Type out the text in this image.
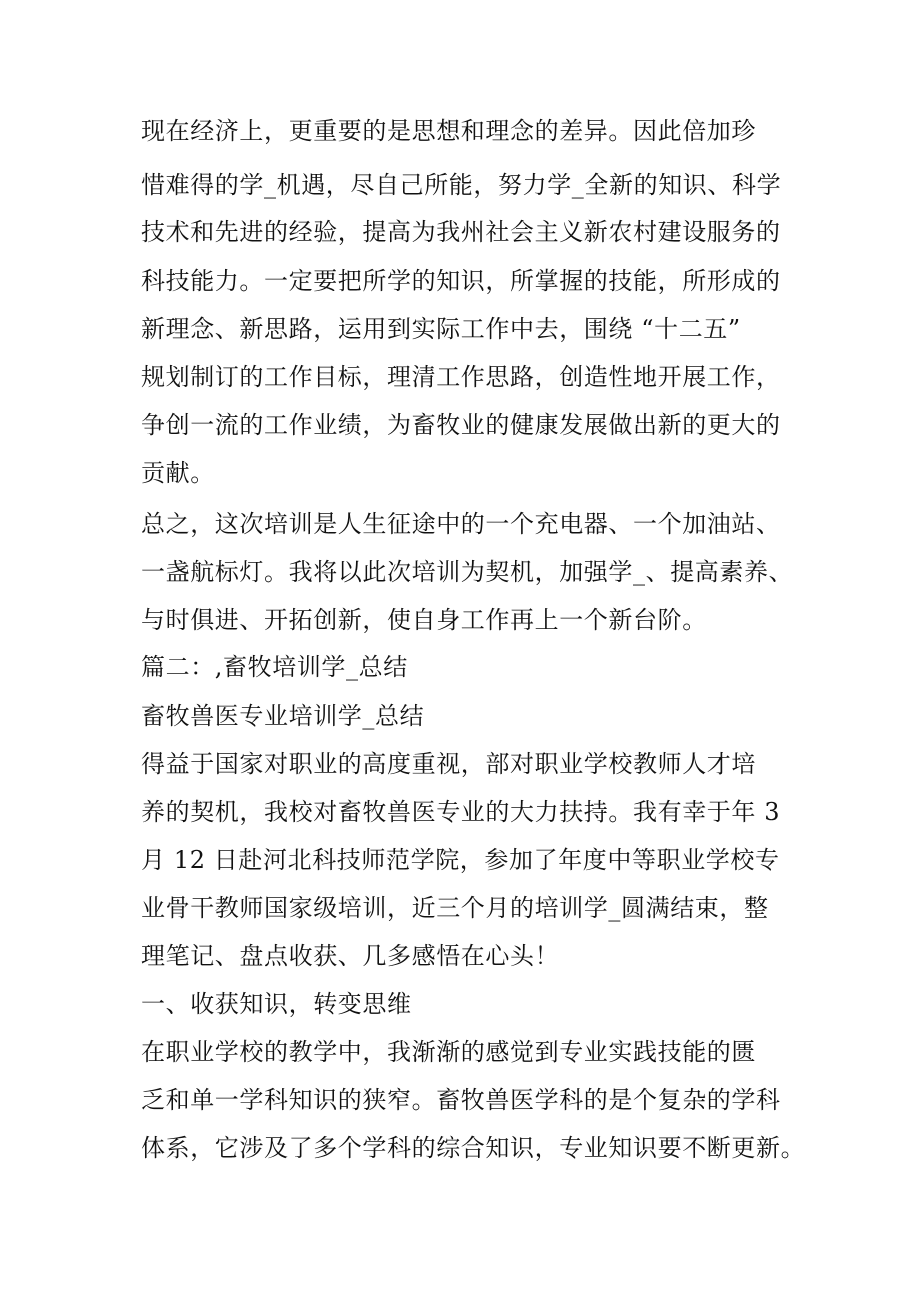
现在经济上，更重要的是思想和理念的差异。因此倍加珍
惜难得的学_机遇，尽自己所能，努力学_全新的知识、科学
技术和先进的经验，提高为我州社会主义新农村建设服务的
科技能力。一定要把所学的知识，所掌握的技能，所形成的
新理念、新思路，运用到实际工作中去，围绕 “十二五”
规划制订的工作目标，理清工作思路，创造性地开展工作，
争创一流的工作业绩，为畜牧业的健康发展做出新的更大的
贡献。
总之，这次培训是人生征途中的一个充电器、一个加油站、
一盏航标灯。我将以此次培训为契机，加强学_、提高素养、
与时俱进、开拓创新，使自身工作再上一个新台阶。
篇二：,畜牧培训学_总结
畜牧兽医专业培训学_总结
得益于国家对职业的高度重视，部对职业学校教师人才培
养的契机，我校对畜牧兽医专业的大力扶持。我有幸于年 3
月 12 日赴河北科技师范学院，参加了年度中等职业学校专
业骨干教师国家级培训，近三个月的培训学_圆满结束，整
理笔记、盘点收获、几多感悟在心头！
一、收获知识，转变思维
在职业学校的教学中，我渐渐的感觉到专业实践技能的匮
乏和单一学科知识的狭窄。畜牧兽医学科的是个复杂的学科
体系，它涉及了多个学科的综合知识，专业知识要不断更新。
